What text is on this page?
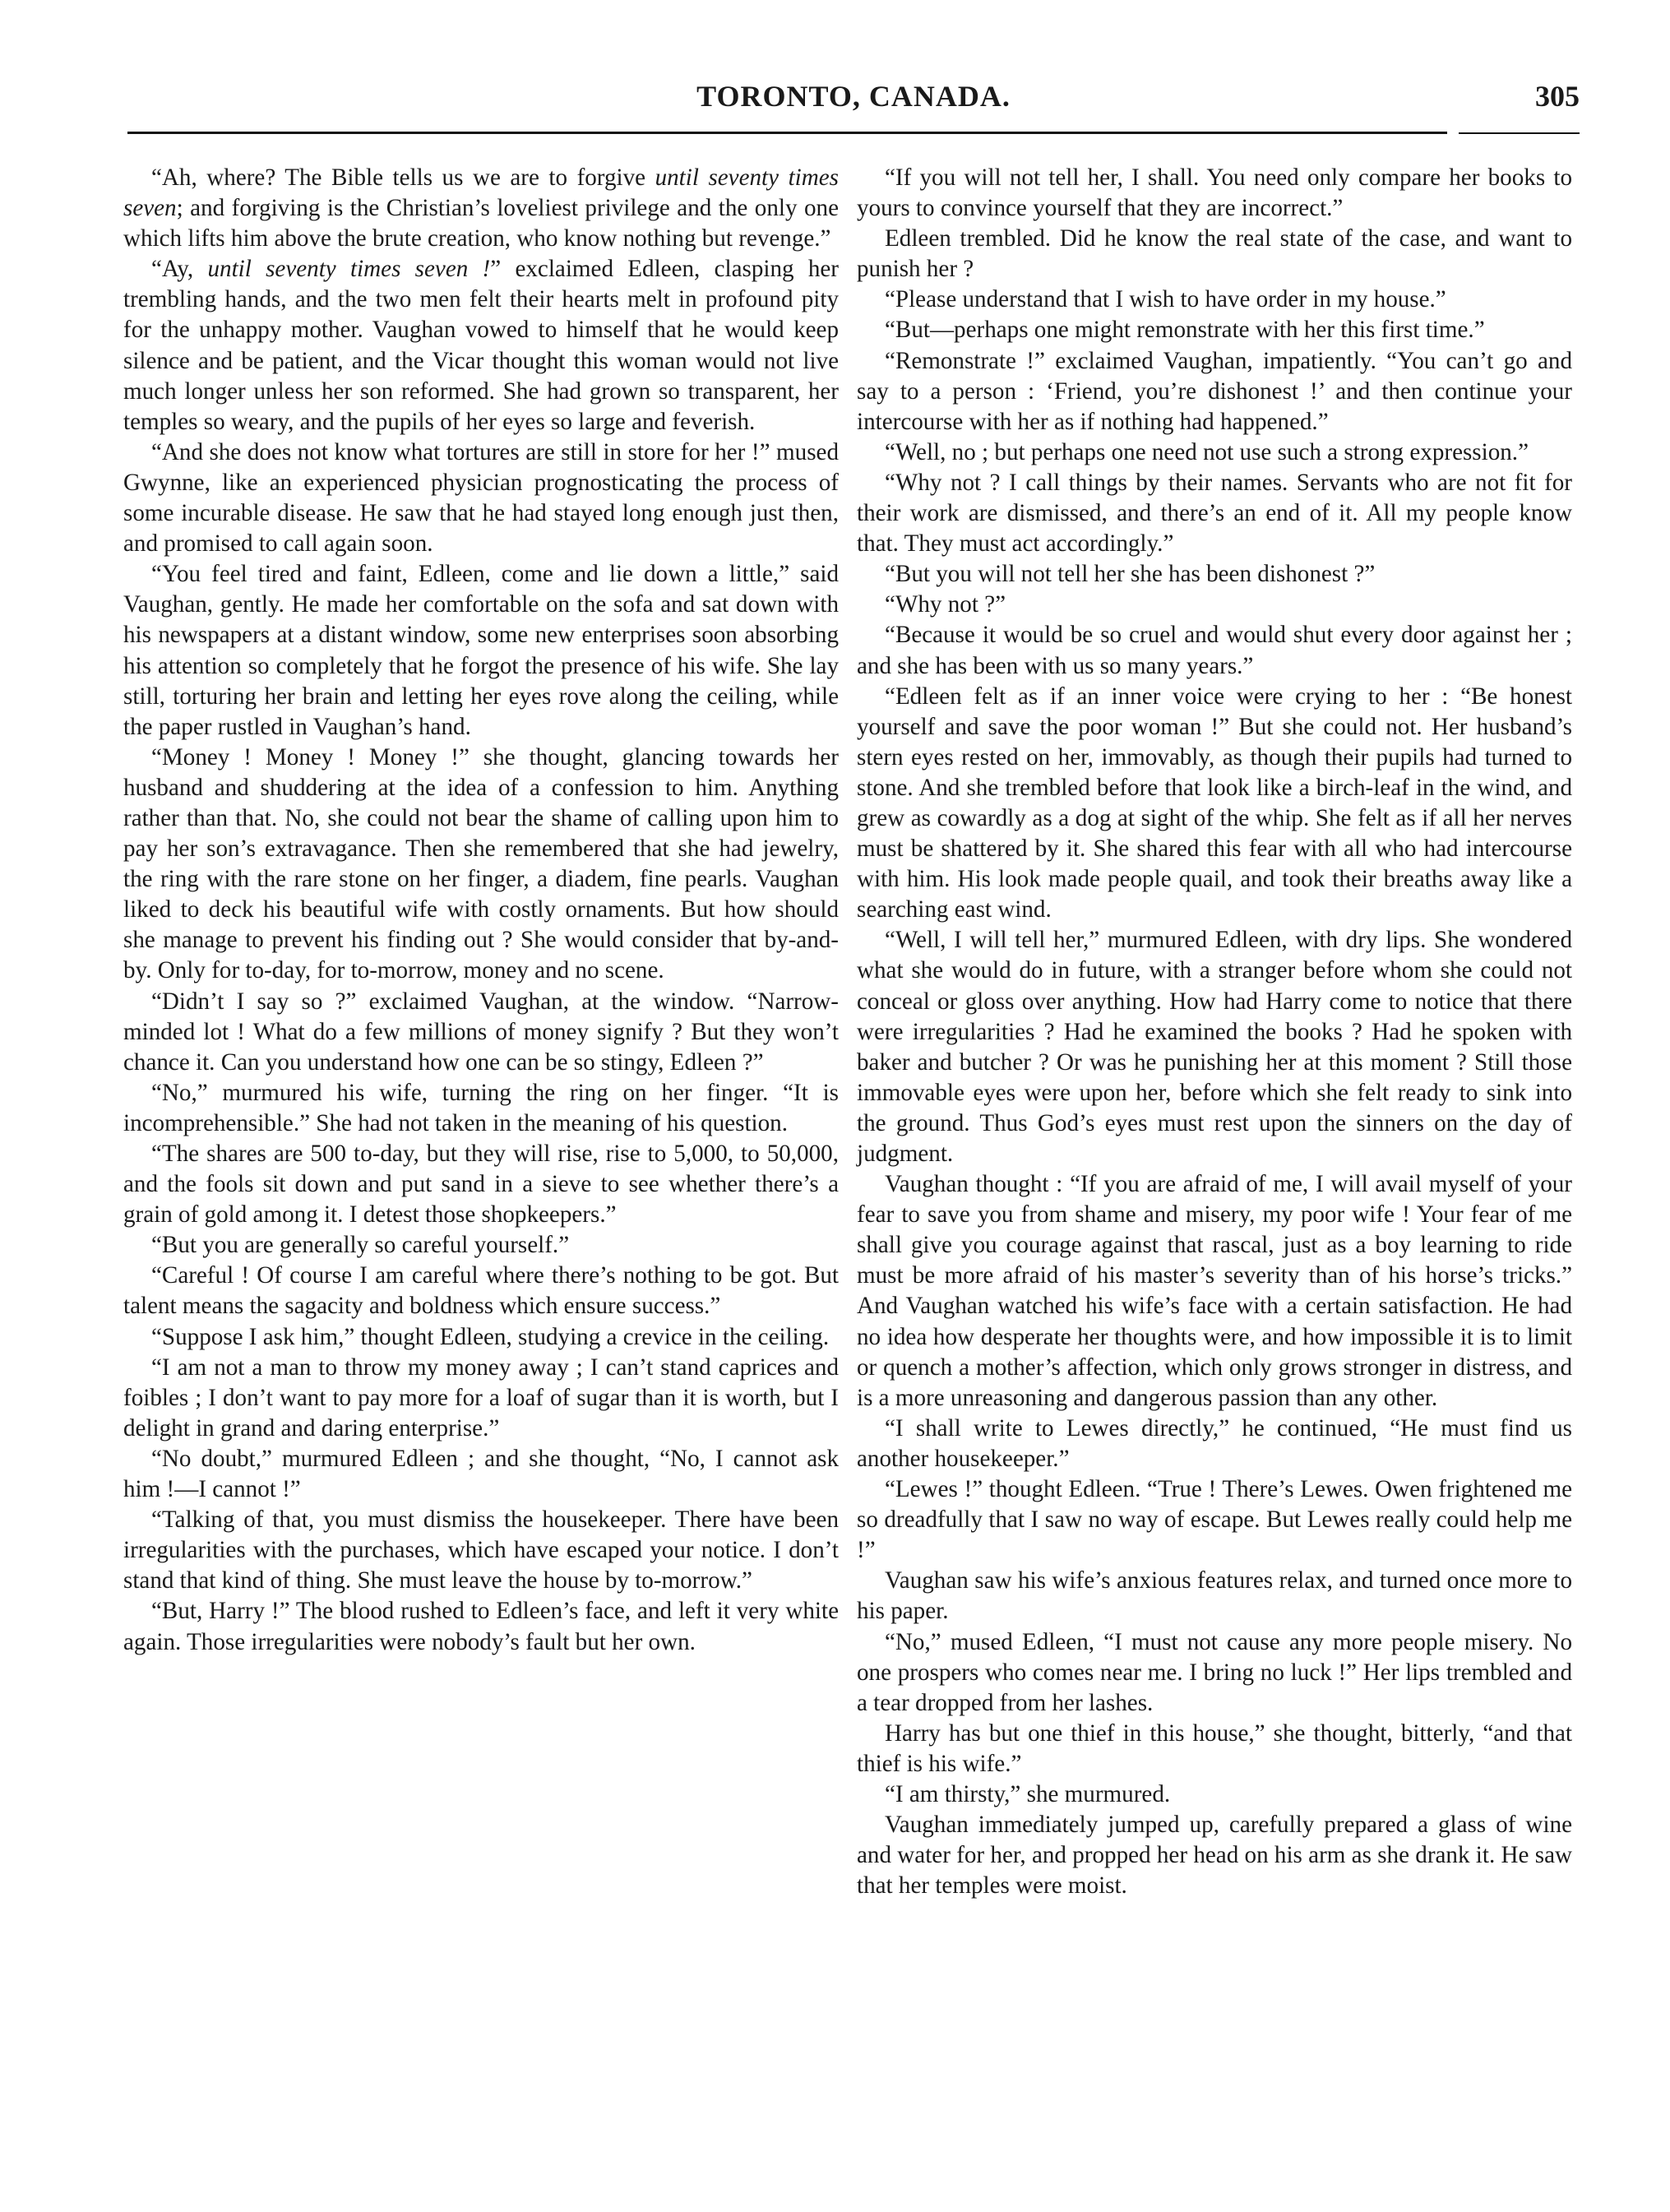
TORONTO, CANADA.	305

“Ah, where? The Bible tells us we are to forgive until seventy times seven; and forgiving is the Christian’s loveliest privilege and the only one which lifts him above the brute creation, who know nothing but revenge.”

“Ay, until seventy times seven !” exclaimed Edleen, clasping her trembling hands, and the two men felt their hearts melt in profound pity for the unhappy mother. Vaughan vowed to himself that he would keep silence and be patient, and the Vicar thought this woman would not live much longer unless her son reformed. She had grown so transparent, her temples so weary, and the pupils of her eyes so large and feverish.

“And she does not know what tortures are still in store for her !” mused Gwynne, like an experienced physician prognosticating the process of some incurable disease. He saw that he had stayed long enough just then, and promised to call again soon.

“You feel tired and faint, Edleen, come and lie down a little,” said Vaughan, gently. He made her comfortable on the sofa and sat down with his newspapers at a distant window, some new enterprises soon absorbing his attention so completely that he forgot the presence of his wife. She lay still, torturing her brain and letting her eyes rove along the ceiling, while the paper rustled in Vaughan’s hand.

“Money ! Money ! Money !” she thought, glancing towards her husband and shuddering at the idea of a confession to him. Anything rather than that. No, she could not bear the shame of calling upon him to pay her son’s extravagance. Then she remembered that she had jewelry, the ring with the rare stone on her finger, a diadem, fine pearls. Vaughan liked to deck his beautiful wife with costly ornaments. But how should she manage to prevent his finding out ? She would consider that by-and-by. Only for to-day, for to-morrow, money and no scene.

“Didn’t I say so ?” exclaimed Vaughan, at the window. “Narrow-minded lot ! What do a few millions of money signify ? But they won’t chance it. Can you understand how one can be so stingy, Edleen ?”

“No,” murmured his wife, turning the ring on her finger. “It is incomprehensible.” She had not taken in the meaning of his question.

“The shares are 500 to-day, but they will rise, rise to 5,000, to 50,000, and the fools sit down and put sand in a sieve to see whether there’s a grain of gold among it. I detest those shopkeepers.”

“But you are generally so careful yourself.”

“Careful ! Of course I am careful where there’s nothing to be got. But talent means the sagacity and boldness which ensure success.”

“Suppose I ask him,” thought Edleen, studying a crevice in the ceiling.

“I am not a man to throw my money away ; I can’t stand caprices and foibles ; I don’t want to pay more for a loaf of sugar than it is worth, but I delight in grand and daring enterprise.”

“No doubt,” murmured Edleen ; and she thought, “No, I cannot ask him !—I cannot !”

“Talking of that, you must dismiss the housekeeper. There have been irregularities with the purchases, which have escaped your notice. I don’t stand that kind of thing. She must leave the house by to-morrow.”

“But, Harry !” The blood rushed to Edleen’s face, and left it very white again. Those irregularities were nobody’s fault but her own.

“If you will not tell her, I shall. You need only compare her books to yours to convince yourself that they are incorrect.”

Edleen trembled. Did he know the real state of the case, and want to punish her ?

“Please understand that I wish to have order in my house.”

“But—perhaps one might remonstrate with her this first time.”

“Remonstrate !” exclaimed Vaughan, impatiently. “You can’t go and say to a person : ‘Friend, you’re dishonest !’ and then continue your intercourse with her as if nothing had happened.”

“Well, no ; but perhaps one need not use such a strong expression.”

“Why not ? I call things by their names. Servants who are not fit for their work are dismissed, and there’s an end of it. All my people know that. They must act accordingly.”

“But you will not tell her she has been dishonest ?”

“Why not ?”

“Because it would be so cruel and would shut every door against her ; and she has been with us so many years.”

“Edleen felt as if an inner voice were crying to her : “Be honest yourself and save the poor woman !” But she could not. Her husband’s stern eyes rested on her, immovably, as though their pupils had turned to stone. And she trembled before that look like a birch-leaf in the wind, and grew as cowardly as a dog at sight of the whip. She felt as if all her nerves must be shattered by it. She shared this fear with all who had intercourse with him. His look made people quail, and took their breaths away like a searching east wind.

“Well, I will tell her,” murmured Edleen, with dry lips. She wondered what she would do in future, with a stranger before whom she could not conceal or gloss over anything. How had Harry come to notice that there were irregularities ? Had he examined the books ? Had he spoken with baker and butcher ? Or was he punishing her at this moment ? Still those immovable eyes were upon her, before which she felt ready to sink into the ground. Thus God’s eyes must rest upon the sinners on the day of judgment.

Vaughan thought : “If you are afraid of me, I will avail myself of your fear to save you from shame and misery, my poor wife ! Your fear of me shall give you courage against that rascal, just as a boy learning to ride must be more afraid of his master’s severity than of his horse’s tricks.” And Vaughan watched his wife’s face with a certain satisfaction. He had no idea how desperate her thoughts were, and how impossible it is to limit or quench a mother’s affection, which only grows stronger in distress, and is a more unreasoning and dangerous passion than any other.

“I shall write to Lewes directly,” he continued, “He must find us another housekeeper.”

“Lewes !” thought Edleen. “True ! There’s Lewes. Owen frightened me so dreadfully that I saw no way of escape. But Lewes really could help me !”

Vaughan saw his wife’s anxious features relax, and turned once more to his paper.

“No,” mused Edleen, “I must not cause any more people misery. No one prospers who comes near me. I bring no luck !” Her lips trembled and a tear dropped from her lashes.

Harry has but one thief in this house,” she thought, bitterly, “and that thief is his wife.”

“I am thirsty,” she murmured.

Vaughan immediately jumped up, carefully prepared a glass of wine and water for her, and propped her head on his arm as she drank it. He saw that her temples were moist.
